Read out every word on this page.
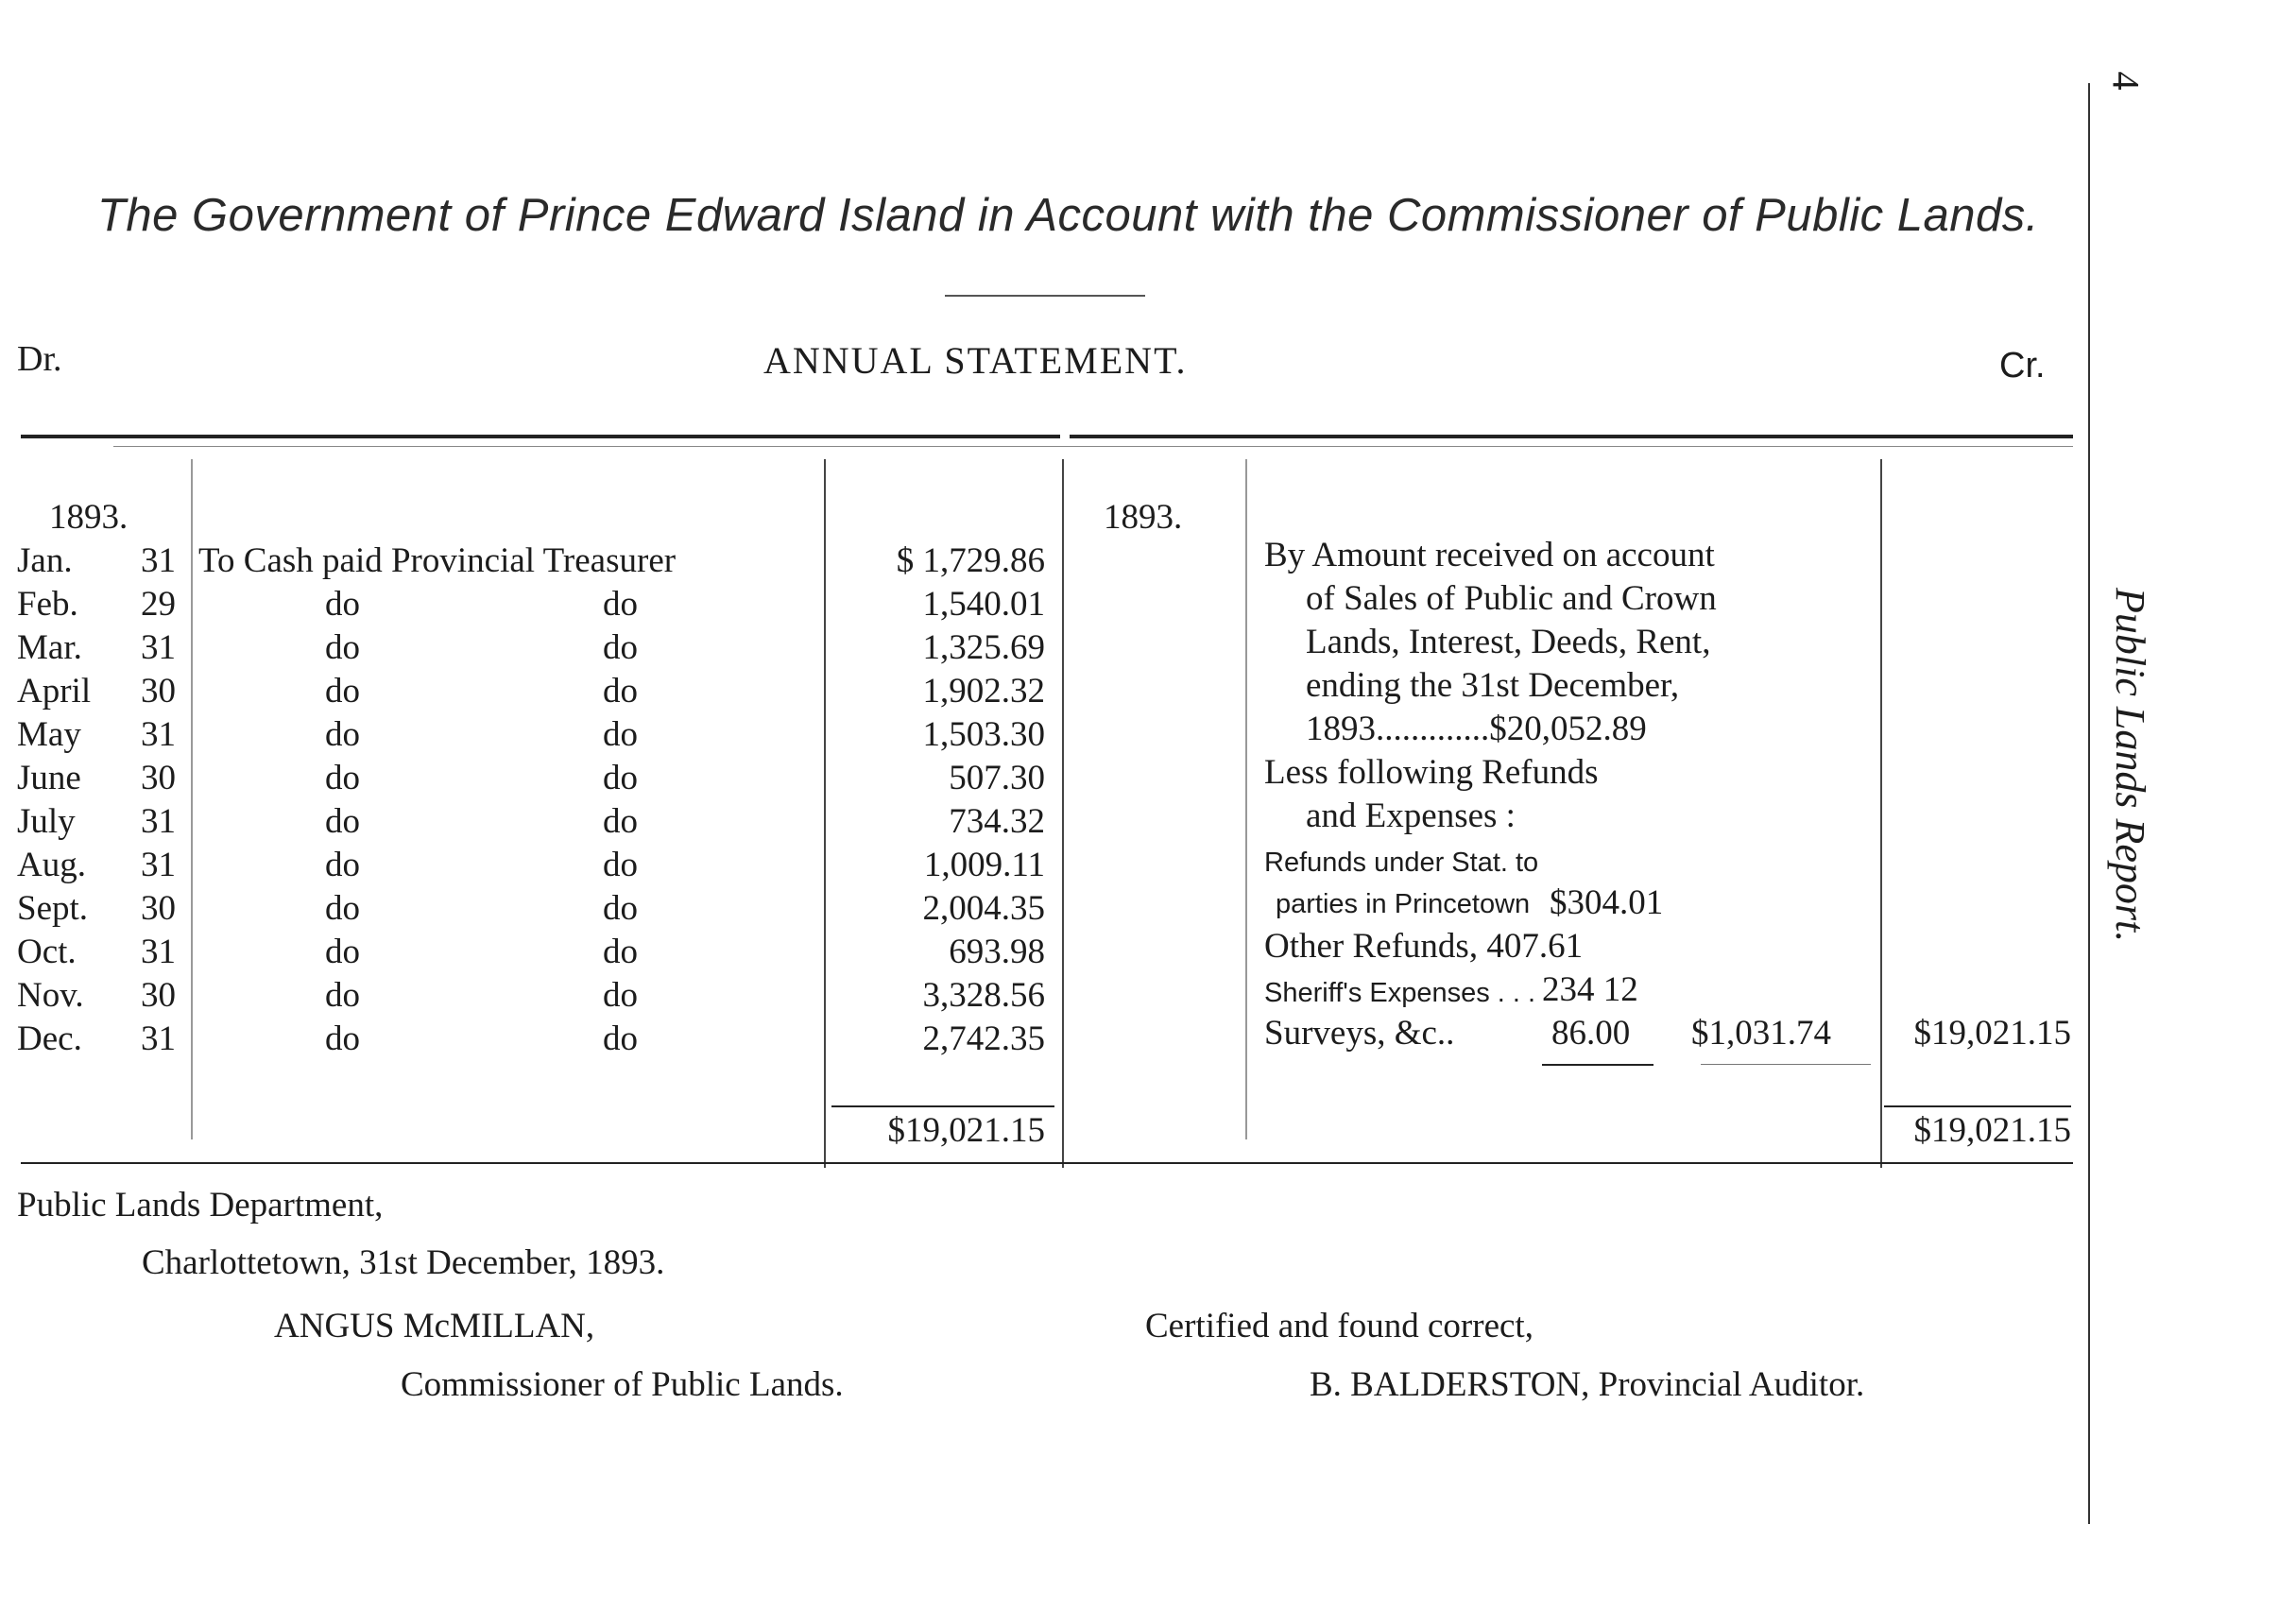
4
Public Lands Report.
The Government of Prince Edward Island in Account with the Commissioner of Public Lands.
Dr.	ANNUAL STATEMENT.	Cr.
1893.
Jan.	31 To Cash paid Provincial Treasurer	$ 1,729.86
Feb.	29	do	do	1,540.01
Mar.	31	do	do	1,325.69
April	30	do	do	1,902.32
May	31	do	do	1,503.30
June	30	do	do	507.30
July	31	do	do	734.32
Aug.	31	do	do	1,009.11
Sept.	30	do	do	2,004.35
Oct.	31	do	do	693.98
Nov.	30	do	do	3,328.56
Dec.	31	do	do	2,742.35
$19,021.15
1893.
By Amount received on account
of Sales of Public and Crown
Lands, Interest, Deeds, Rent,
ending the 31st December,
1893.............$20,052.89
Less following Refunds
and Expenses :
Refunds under Stat. to
parties in Princetown $304.01
Other Refunds, 407.61
Sheriff's Expenses . . . 234 12
Surveys, &c..	86.00 $1,031.74	$19,021.15
$19,021.15
Public Lands Department,
Charlottetown, 31st December, 1893.
ANGUS McMILLAN,
Commissioner of Public Lands.
Certified and found correct,
B. BALDERSTON, Provincial Auditor.
